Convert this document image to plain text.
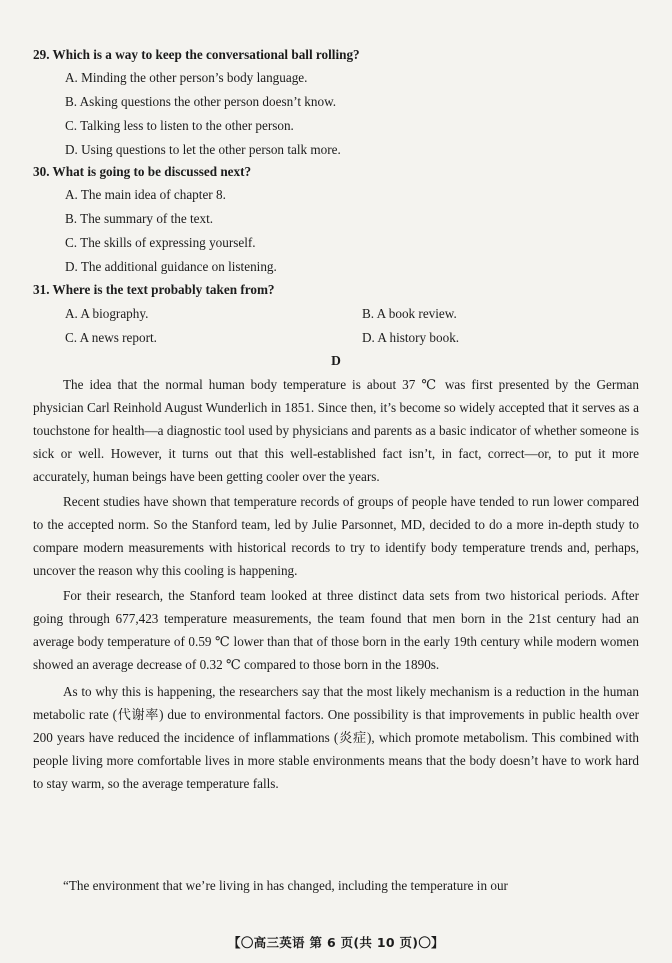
29. Which is a way to keep the conversational ball rolling?
A. Minding the other person’s body language.
B. Asking questions the other person doesn’t know.
C. Talking less to listen to the other person.
D. Using questions to let the other person talk more.
30. What is going to be discussed next?
A. The main idea of chapter 8.
B. The summary of the text.
C. The skills of expressing yourself.
D. The additional guidance on listening.
31. Where is the text probably taken from?
A. A biography.	B. A book review.
C. A news report.	D. A history book.
D

The idea that the normal human body temperature is about 37 ℃ was first presented by the German physician Carl Reinhold August Wunderlich in 1851. Since then, it’s become so widely accepted that it serves as a touchstone for health—a diagnostic tool used by physicians and parents as a basic indicator of whether someone is sick or well. However, it turns out that this well-established fact isn’t, in fact, correct—or, to put it more accurately, human beings have been getting cooler over the years.

Recent studies have shown that temperature records of groups of people have tended to run lower compared to the accepted norm. So the Stanford team, led by Julie Parsonnet, MD, decided to do a more in-depth study to compare modern measurements with historical records to try to identify body temperature trends and, perhaps, uncover the reason why this cooling is happening.

For their research, the Stanford team looked at three distinct data sets from two historical periods. After going through 677,423 temperature measurements, the team found that men born in the 21st century had an average body temperature of 0.59 ℃ lower than that of those born in the early 19th century while modern women showed an average decrease of 0.32 ℃ compared to those born in the 1890s.

As to why this is happening, the researchers say that the most likely mechanism is a reduction in the human metabolic rate (代谢率) due to environmental factors. One possibility is that improvements in public health over 200 years have reduced the incidence of inflammations (炎症), which promote metabolism. This combined with people living more comfortable lives in more stable environments means that the body doesn’t have to work hard to stay warm, so the average temperature falls.

“The environment that we’re living in has changed, including the temperature in our

【〇高三英语 第 6 页(共 10 页)〇】
